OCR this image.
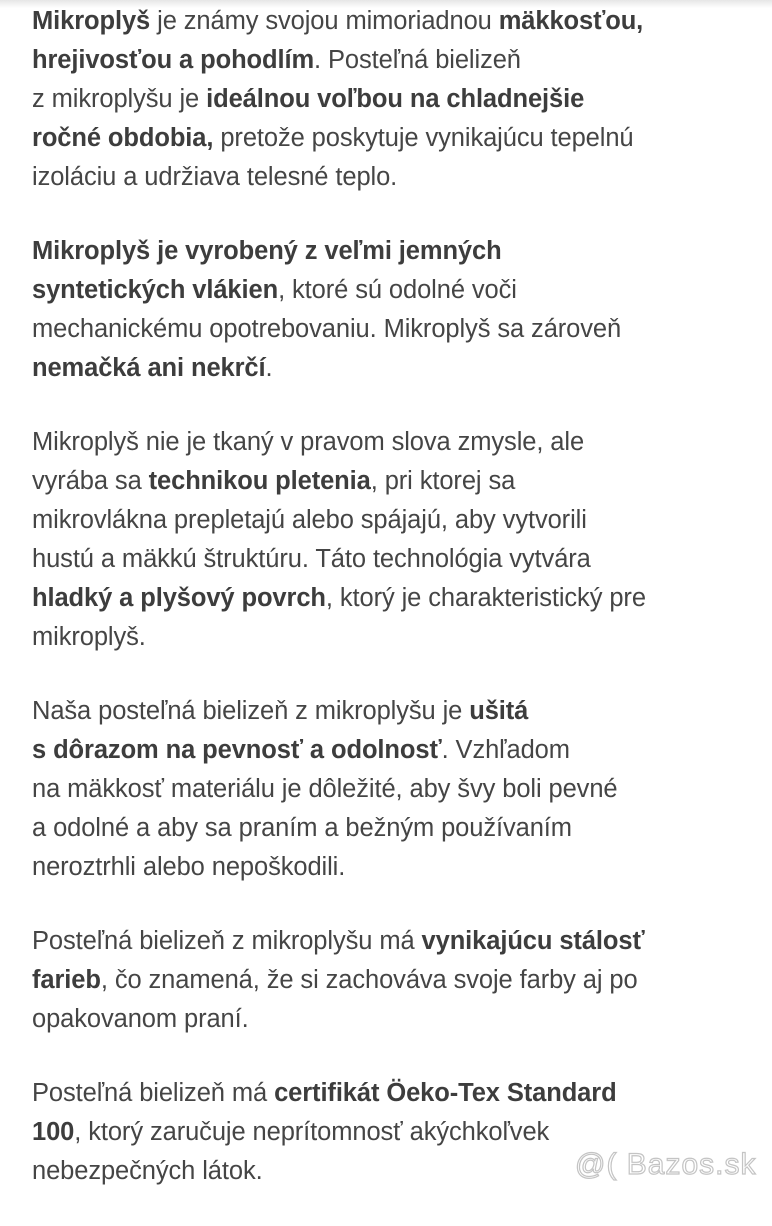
Mikroplyš je známy svojou mimoriadnou mäkkosťou,
hrejivosťou a pohodlím. Posteľná bielizeň
z mikroplyšu je ideálnou voľbou na chladnejšie
ročné obdobia, pretože poskytuje vynikajúcu tepelnú
izoláciu a udržiava telesné teplo.
Mikroplyš je vyrobený z veľmi jemných
syntetických vlákien, ktoré sú odolné voči
mechanickému opotrebovaniu. Mikroplyš sa zároveň
nemačká ani nekrčí.
Mikroplyš nie je tkaný v pravom slova zmysle, ale
vyrába sa technikou pletenia, pri ktorej sa
mikrovlákna prepletajú alebo spájajú, aby vytvorili
hustú a mäkkú štruktúru. Táto technológia vytvára
hladký a plyšový povrch, ktorý je charakteristický pre
mikroplyš.
Naša posteľná bielizeň z mikroplyšu je ušitá
s dôrazom na pevnosť a odolnosť. Vzhľadom
na mäkkosť materiálu je dôležité, aby švy boli pevné
a odolné a aby sa praním a bežným používaním
neroztrhli alebo nepoškodili.
Posteľná bielizeň z mikroplyšu má vynikajúcu stálosť
farieb, čo znamená, že si zachováva svoje farby aj po
opakovanom praní.
Posteľná bielizeň má certifikát Öeko-Tex Standard
100, ktorý zaručuje neprítomnosť akýchkoľvek
nebezpečných látok.	@( Bazos.sk
